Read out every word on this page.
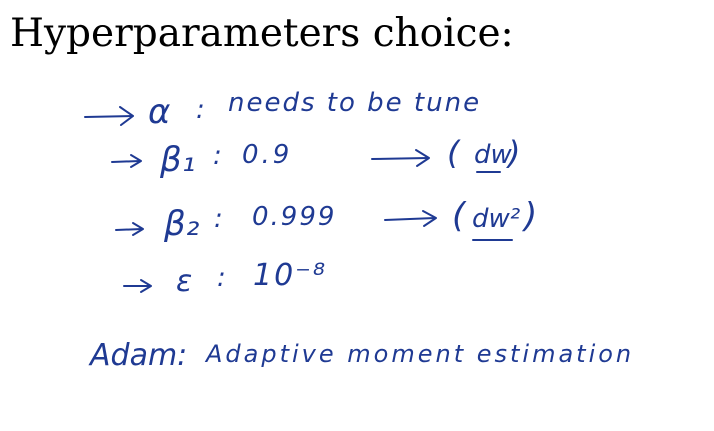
Hyperparameters choice:
α : needs to be tune
β₁ : 0.9	( dw
)
β₂ : 0.999	( dw² )
ε : 10⁻⁸
Adam: Adaptive moment estimation
